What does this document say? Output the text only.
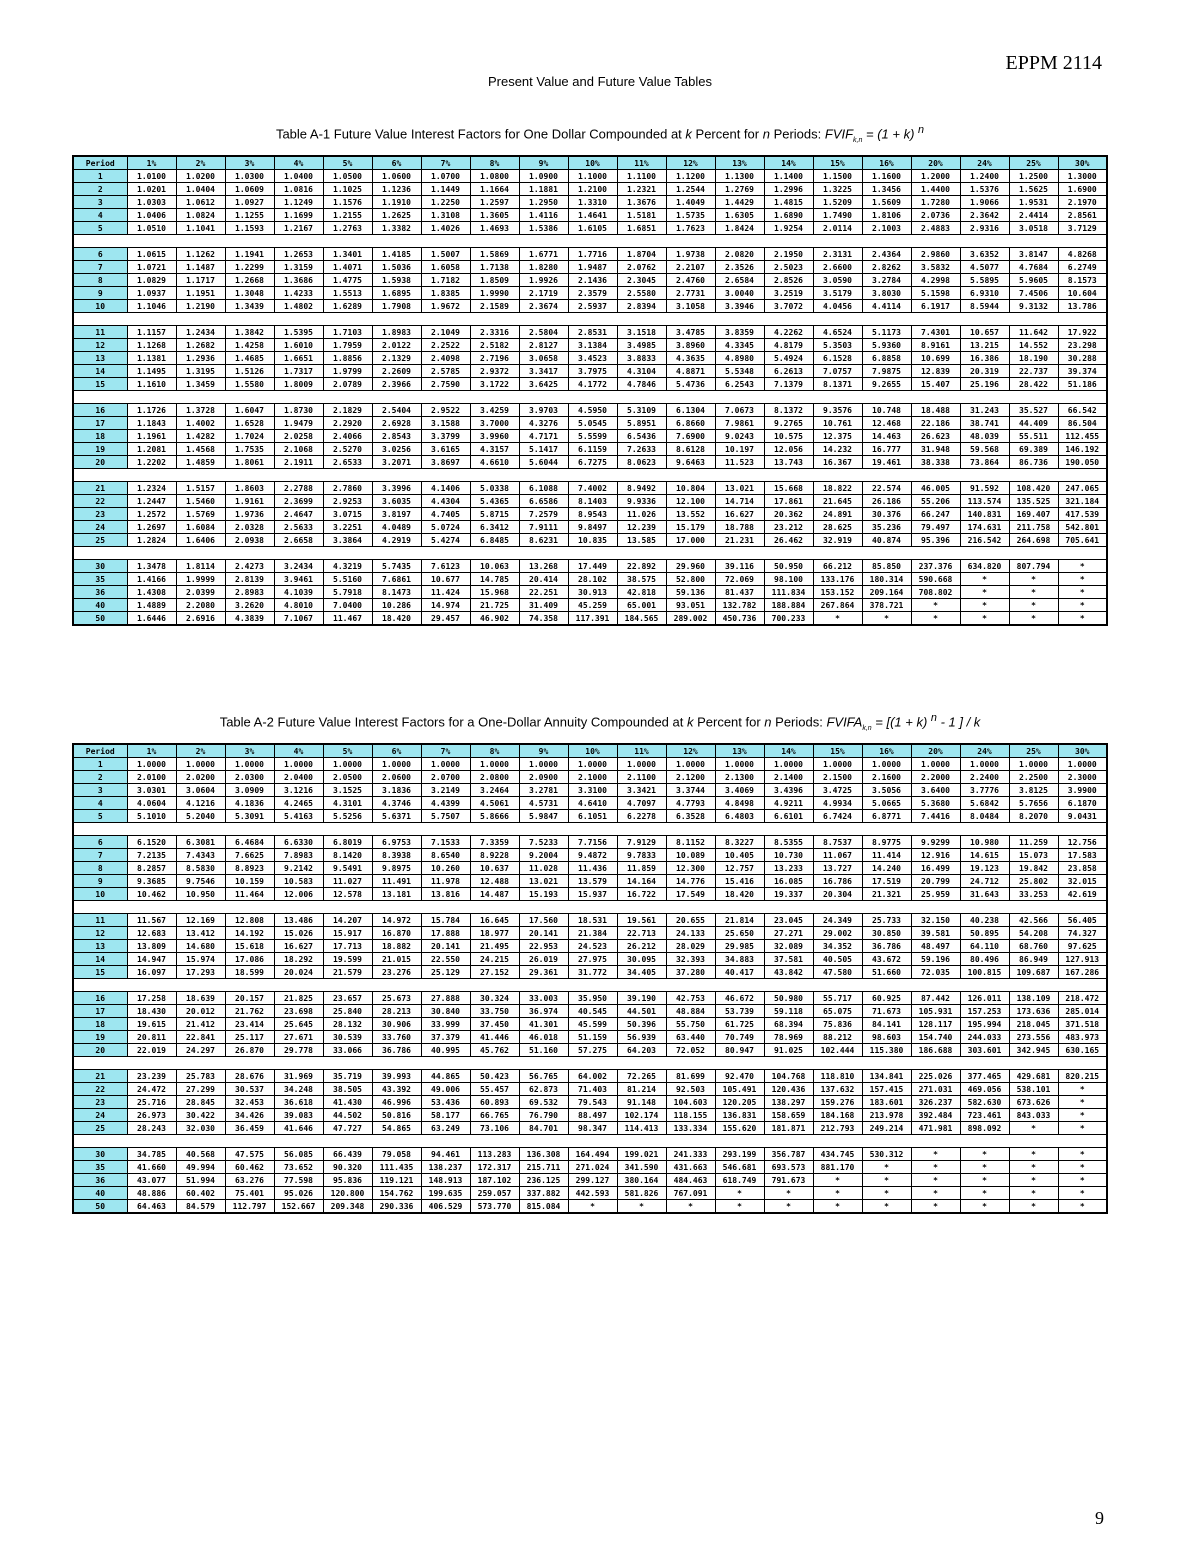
EPPM 2114
Present Value and Future Value Tables
Table A-1 Future Value Interest Factors for One Dollar Compounded at k Percent for n Periods: $FVIF_{k,n} = (1 + k)$ $^n$
Period	1%	2%	3%	4%	5%	6%	7%	8%	9%	10%	11%	12%	13%	14%	15%	16%	20%	24%	25%	30%
1	1.0100	1.0200	1.0300	1.0400	1.0500	1.0600	1.0700	1.0800	1.0900	1.1000	1.1100	1.1200	1.1300	1.1400	1.1500	1.1600	1.2000	1.2400	1.2500	1.3000
2	1.0201	1.0404	1.0609	1.0816	1.1025	1.1236	1.1449	1.1664	1.1881	1.2100	1.2321	1.2544	1.2769	1.2996	1.3225	1.3456	1.4400	1.5376	1.5625	1.6900
3	1.0303	1.0612	1.0927	1.1249	1.1576	1.1910	1.2250	1.2597	1.2950	1.3310	1.3676	1.4049	1.4429	1.4815	1.5209	1.5609	1.7280	1.9066	1.9531	2.1970
4	1.0406	1.0824	1.1255	1.1699	1.2155	1.2625	1.3108	1.3605	1.4116	1.4641	1.5181	1.5735	1.6305	1.6890	1.7490	1.8106	2.0736	2.3642	2.4414	2.8561
5	1.0510	1.1041	1.1593	1.2167	1.2763	1.3382	1.4026	1.4693	1.5386	1.6105	1.6851	1.7623	1.8424	1.9254	2.0114	2.1003	2.4883	2.9316	3.0518	3.7129

6	1.0615	1.1262	1.1941	1.2653	1.3401	1.4185	1.5007	1.5869	1.6771	1.7716	1.8704	1.9738	2.0820	2.1950	2.3131	2.4364	2.9860	3.6352	3.8147	4.8268
7	1.0721	1.1487	1.2299	1.3159	1.4071	1.5036	1.6058	1.7138	1.8280	1.9487	2.0762	2.2107	2.3526	2.5023	2.6600	2.8262	3.5832	4.5077	4.7684	6.2749
8	1.0829	1.1717	1.2668	1.3686	1.4775	1.5938	1.7182	1.8509	1.9926	2.1436	2.3045	2.4760	2.6584	2.8526	3.0590	3.2784	4.2998	5.5895	5.9605	8.1573
9	1.0937	1.1951	1.3048	1.4233	1.5513	1.6895	1.8385	1.9990	2.1719	2.3579	2.5580	2.7731	3.0040	3.2519	3.5179	3.8030	5.1598	6.9310	7.4506	10.604
10	1.1046	1.2190	1.3439	1.4802	1.6289	1.7908	1.9672	2.1589	2.3674	2.5937	2.8394	3.1058	3.3946	3.7072	4.0456	4.4114	6.1917	8.5944	9.3132	13.786

11	1.1157	1.2434	1.3842	1.5395	1.7103	1.8983	2.1049	2.3316	2.5804	2.8531	3.1518	3.4785	3.8359	4.2262	4.6524	5.1173	7.4301	10.657	11.642	17.922
12	1.1268	1.2682	1.4258	1.6010	1.7959	2.0122	2.2522	2.5182	2.8127	3.1384	3.4985	3.8960	4.3345	4.8179	5.3503	5.9360	8.9161	13.215	14.552	23.298
13	1.1381	1.2936	1.4685	1.6651	1.8856	2.1329	2.4098	2.7196	3.0658	3.4523	3.8833	4.3635	4.8980	5.4924	6.1528	6.8858	10.699	16.386	18.190	30.288
14	1.1495	1.3195	1.5126	1.7317	1.9799	2.2609	2.5785	2.9372	3.3417	3.7975	4.3104	4.8871	5.5348	6.2613	7.0757	7.9875	12.839	20.319	22.737	39.374
15	1.1610	1.3459	1.5580	1.8009	2.0789	2.3966	2.7590	3.1722	3.6425	4.1772	4.7846	5.4736	6.2543	7.1379	8.1371	9.2655	15.407	25.196	28.422	51.186

16	1.1726	1.3728	1.6047	1.8730	2.1829	2.5404	2.9522	3.4259	3.9703	4.5950	5.3109	6.1304	7.0673	8.1372	9.3576	10.748	18.488	31.243	35.527	66.542
17	1.1843	1.4002	1.6528	1.9479	2.2920	2.6928	3.1588	3.7000	4.3276	5.0545	5.8951	6.8660	7.9861	9.2765	10.761	12.468	22.186	38.741	44.409	86.504
18	1.1961	1.4282	1.7024	2.0258	2.4066	2.8543	3.3799	3.9960	4.7171	5.5599	6.5436	7.6900	9.0243	10.575	12.375	14.463	26.623	48.039	55.511	112.455
19	1.2081	1.4568	1.7535	2.1068	2.5270	3.0256	3.6165	4.3157	5.1417	6.1159	7.2633	8.6128	10.197	12.056	14.232	16.777	31.948	59.568	69.389	146.192
20	1.2202	1.4859	1.8061	2.1911	2.6533	3.2071	3.8697	4.6610	5.6044	6.7275	8.0623	9.6463	11.523	13.743	16.367	19.461	38.338	73.864	86.736	190.050

21	1.2324	1.5157	1.8603	2.2788	2.7860	3.3996	4.1406	5.0338	6.1088	7.4002	8.9492	10.804	13.021	15.668	18.822	22.574	46.005	91.592	108.420	247.065
22	1.2447	1.5460	1.9161	2.3699	2.9253	3.6035	4.4304	5.4365	6.6586	8.1403	9.9336	12.100	14.714	17.861	21.645	26.186	55.206	113.574	135.525	321.184
23	1.2572	1.5769	1.9736	2.4647	3.0715	3.8197	4.7405	5.8715	7.2579	8.9543	11.026	13.552	16.627	20.362	24.891	30.376	66.247	140.831	169.407	417.539
24	1.2697	1.6084	2.0328	2.5633	3.2251	4.0489	5.0724	6.3412	7.9111	9.8497	12.239	15.179	18.788	23.212	28.625	35.236	79.497	174.631	211.758	542.801
25	1.2824	1.6406	2.0938	2.6658	3.3864	4.2919	5.4274	6.8485	8.6231	10.835	13.585	17.000	21.231	26.462	32.919	40.874	95.396	216.542	264.698	705.641

30	1.3478	1.8114	2.4273	3.2434	4.3219	5.7435	7.6123	10.063	13.268	17.449	22.892	29.960	39.116	50.950	66.212	85.850	237.376	634.820	807.794	*
35	1.4166	1.9999	2.8139	3.9461	5.5160	7.6861	10.677	14.785	20.414	28.102	38.575	52.800	72.069	98.100	133.176	180.314	590.668	*	*	*
36	1.4308	2.0399	2.8983	4.1039	5.7918	8.1473	11.424	15.968	22.251	30.913	42.818	59.136	81.437	111.834	153.152	209.164	708.802	*	*	*
40	1.4889	2.2080	3.2620	4.8010	7.0400	10.286	14.974	21.725	31.409	45.259	65.001	93.051	132.782	188.884	267.864	378.721	*	*	*	*
50	1.6446	2.6916	4.3839	7.1067	11.467	18.420	29.457	46.902	74.358	117.391	184.565	289.002	450.736	700.233	*	*	*	*	*	*
Table A-2 Future Value Interest Factors for a One-Dollar Annuity Compounded at k Percent for n Periods: $FVIFA_{k,n} = [(1 + k)$ $^n$ - 1 ] / k
Period	1%	2%	3%	4%	5%	6%	7%	8%	9%	10%	11%	12%	13%	14%	15%	16%	20%	24%	25%	30%
1	1.0000	1.0000	1.0000	1.0000	1.0000	1.0000	1.0000	1.0000	1.0000	1.0000	1.0000	1.0000	1.0000	1.0000	1.0000	1.0000	1.0000	1.0000	1.0000	1.0000
2	2.0100	2.0200	2.0300	2.0400	2.0500	2.0600	2.0700	2.0800	2.0900	2.1000	2.1100	2.1200	2.1300	2.1400	2.1500	2.1600	2.2000	2.2400	2.2500	2.3000
3	3.0301	3.0604	3.0909	3.1216	3.1525	3.1836	3.2149	3.2464	3.2781	3.3100	3.3421	3.3744	3.4069	3.4396	3.4725	3.5056	3.6400	3.7776	3.8125	3.9900
4	4.0604	4.1216	4.1836	4.2465	4.3101	4.3746	4.4399	4.5061	4.5731	4.6410	4.7097	4.7793	4.8498	4.9211	4.9934	5.0665	5.3680	5.6842	5.7656	6.1870
5	5.1010	5.2040	5.3091	5.4163	5.5256	5.6371	5.7507	5.8666	5.9847	6.1051	6.2278	6.3528	6.4803	6.6101	6.7424	6.8771	7.4416	8.0484	8.2070	9.0431

6	6.1520	6.3081	6.4684	6.6330	6.8019	6.9753	7.1533	7.3359	7.5233	7.7156	7.9129	8.1152	8.3227	8.5355	8.7537	8.9775	9.9299	10.980	11.259	12.756
7	7.2135	7.4343	7.6625	7.8983	8.1420	8.3938	8.6540	8.9228	9.2004	9.4872	9.7833	10.089	10.405	10.730	11.067	11.414	12.916	14.615	15.073	17.583
8	8.2857	8.5830	8.8923	9.2142	9.5491	9.8975	10.260	10.637	11.028	11.436	11.859	12.300	12.757	13.233	13.727	14.240	16.499	19.123	19.842	23.858
9	9.3685	9.7546	10.159	10.583	11.027	11.491	11.978	12.488	13.021	13.579	14.164	14.776	15.416	16.085	16.786	17.519	20.799	24.712	25.802	32.015
10	10.462	10.950	11.464	12.006	12.578	13.181	13.816	14.487	15.193	15.937	16.722	17.549	18.420	19.337	20.304	21.321	25.959	31.643	33.253	42.619

11	11.567	12.169	12.808	13.486	14.207	14.972	15.784	16.645	17.560	18.531	19.561	20.655	21.814	23.045	24.349	25.733	32.150	40.238	42.566	56.405
12	12.683	13.412	14.192	15.026	15.917	16.870	17.888	18.977	20.141	21.384	22.713	24.133	25.650	27.271	29.002	30.850	39.581	50.895	54.208	74.327
13	13.809	14.680	15.618	16.627	17.713	18.882	20.141	21.495	22.953	24.523	26.212	28.029	29.985	32.089	34.352	36.786	48.497	64.110	68.760	97.625
14	14.947	15.974	17.086	18.292	19.599	21.015	22.550	24.215	26.019	27.975	30.095	32.393	34.883	37.581	40.505	43.672	59.196	80.496	86.949	127.913
15	16.097	17.293	18.599	20.024	21.579	23.276	25.129	27.152	29.361	31.772	34.405	37.280	40.417	43.842	47.580	51.660	72.035	100.815	109.687	167.286

16	17.258	18.639	20.157	21.825	23.657	25.673	27.888	30.324	33.003	35.950	39.190	42.753	46.672	50.980	55.717	60.925	87.442	126.011	138.109	218.472
17	18.430	20.012	21.762	23.698	25.840	28.213	30.840	33.750	36.974	40.545	44.501	48.884	53.739	59.118	65.075	71.673	105.931	157.253	173.636	285.014
18	19.615	21.412	23.414	25.645	28.132	30.906	33.999	37.450	41.301	45.599	50.396	55.750	61.725	68.394	75.836	84.141	128.117	195.994	218.045	371.518
19	20.811	22.841	25.117	27.671	30.539	33.760	37.379	41.446	46.018	51.159	56.939	63.440	70.749	78.969	88.212	98.603	154.740	244.033	273.556	483.973
20	22.019	24.297	26.870	29.778	33.066	36.786	40.995	45.762	51.160	57.275	64.203	72.052	80.947	91.025	102.444	115.380	186.688	303.601	342.945	630.165

21	23.239	25.783	28.676	31.969	35.719	39.993	44.865	50.423	56.765	64.002	72.265	81.699	92.470	104.768	118.810	134.841	225.026	377.465	429.681	820.215
22	24.472	27.299	30.537	34.248	38.505	43.392	49.006	55.457	62.873	71.403	81.214	92.503	105.491	120.436	137.632	157.415	271.031	469.056	538.101	*
23	25.716	28.845	32.453	36.618	41.430	46.996	53.436	60.893	69.532	79.543	91.148	104.603	120.205	138.297	159.276	183.601	326.237	582.630	673.626	*
24	26.973	30.422	34.426	39.083	44.502	50.816	58.177	66.765	76.790	88.497	102.174	118.155	136.831	158.659	184.168	213.978	392.484	723.461	843.033	*
25	28.243	32.030	36.459	41.646	47.727	54.865	63.249	73.106	84.701	98.347	114.413	133.334	155.620	181.871	212.793	249.214	471.981	898.092	*	*

30	34.785	40.568	47.575	56.085	66.439	79.058	94.461	113.283	136.308	164.494	199.021	241.333	293.199	356.787	434.745	530.312	*	*	*	*
35	41.660	49.994	60.462	73.652	90.320	111.435	138.237	172.317	215.711	271.024	341.590	431.663	546.681	693.573	881.170	*	*	*	*	*
36	43.077	51.994	63.276	77.598	95.836	119.121	148.913	187.102	236.125	299.127	380.164	484.463	618.749	791.673	*	*	*	*	*	*
40	48.886	60.402	75.401	95.026	120.800	154.762	199.635	259.057	337.882	442.593	581.826	767.091	*	*	*	*	*	*	*	*
50	64.463	84.579	112.797	152.667	209.348	290.336	406.529	573.770	815.084	*	*	*	*	*	*	*	*	*	*	*
9
